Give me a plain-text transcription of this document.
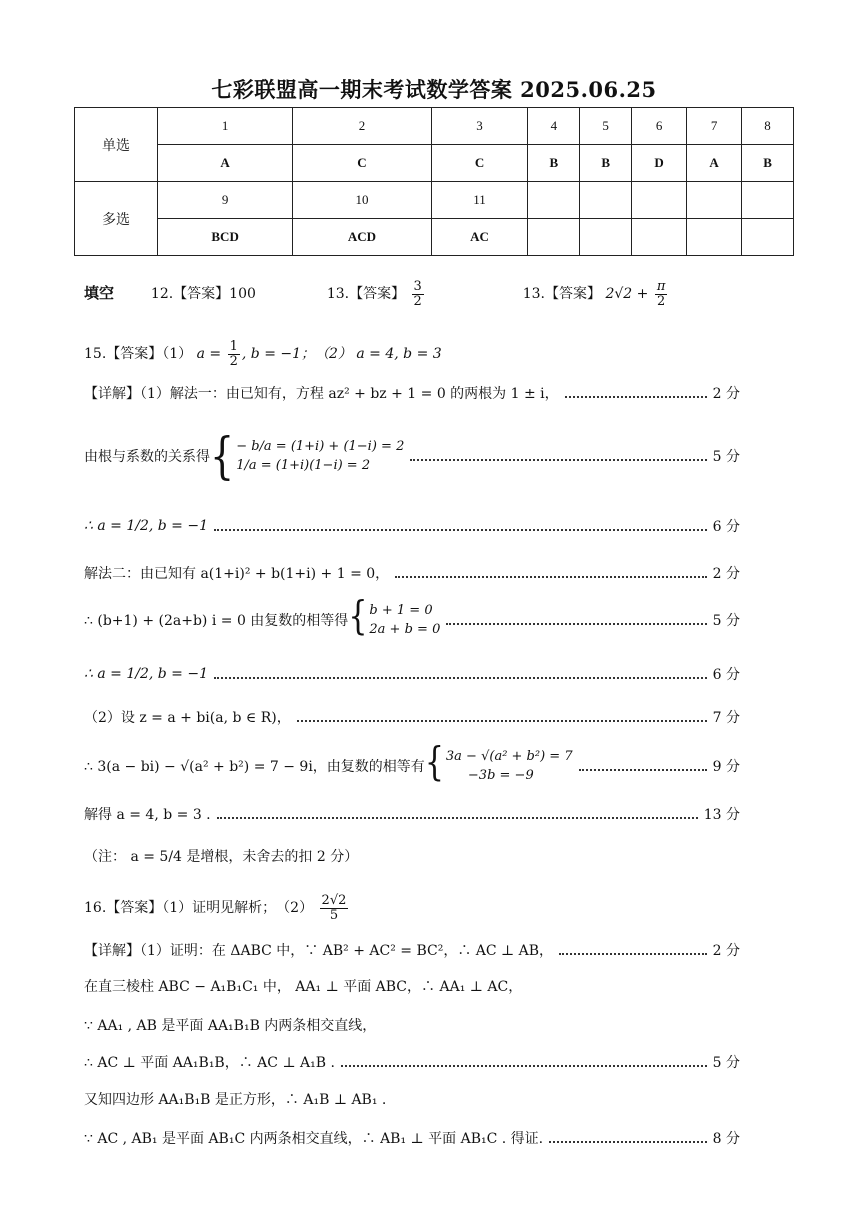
七彩联盟高一期末考试数学答案 2025.06.25
单选	1	2	3	4	5	6	7	8
	A	C	C	B	B	D	A	B
多选	9	10	11					
	BCD	ACD	AC					
填空	12.【答案】100	13.【答案】 $\frac{3}{2}$	13.【答案】 $2√2 + \frac{\pi}{2}$
15.【答案】（1） $a = \frac{1}{2}$ , b = −1；　（2） a = 4, b = 3
【详解】（1）解法一：由已知有，方程 az² + bz + 1 = 0 的两根为 1 ± i，	2 分
由根与系数的关系得 { − b/a = (1+i) + (1−i) = 2
1/a = (1+i)(1−i) = 2
5 分
∴ a = 1/2, b = −1	6 分
解法二：由已知有 a(1+i)² + b(1+i) + 1 = 0，	2 分
∴ (b+1) + (2a+b) i = 0 由复数的相等得 { b + 1 = 0
2a + b = 0
5 分
∴ a = 1/2, b = −1	6 分
（2）设 z = a + bi(a, b ∈ R)，	7 分
∴ 3(a − bi) − √(a² + b²) = 7 − 9i，由复数的相等有 { 3a − √(a² + b²) = 7
−3b = −9
9 分
解得 a = 4, b = 3 .	13 分
（注： a = 5/4 是增根，未舍去的扣 2 分）
16.【答案】（1）证明见解析；　$(2) \frac{2√2}{5}$
【详解】（1）证明：在 ΔABC 中，∵ AB² + AC² = BC²，∴ AC ⊥ AB，	2 分
在直三棱柱 ABC − A₁B₁C₁ 中， AA₁ ⊥ 平面 ABC，∴ AA₁ ⊥ AC，
∵ AA₁ , AB 是平面 AA₁B₁B 内两条相交直线，
∴ AC ⊥ 平面 AA₁B₁B，∴ AC ⊥ A₁B .	5 分
又知四边形 AA₁B₁B 是正方形，∴ A₁B ⊥ AB₁ .
∵ AC , AB₁ 是平面 AB₁C 内两条相交直线，∴ AB₁ ⊥ 平面 AB₁C . 得证.	8 分
